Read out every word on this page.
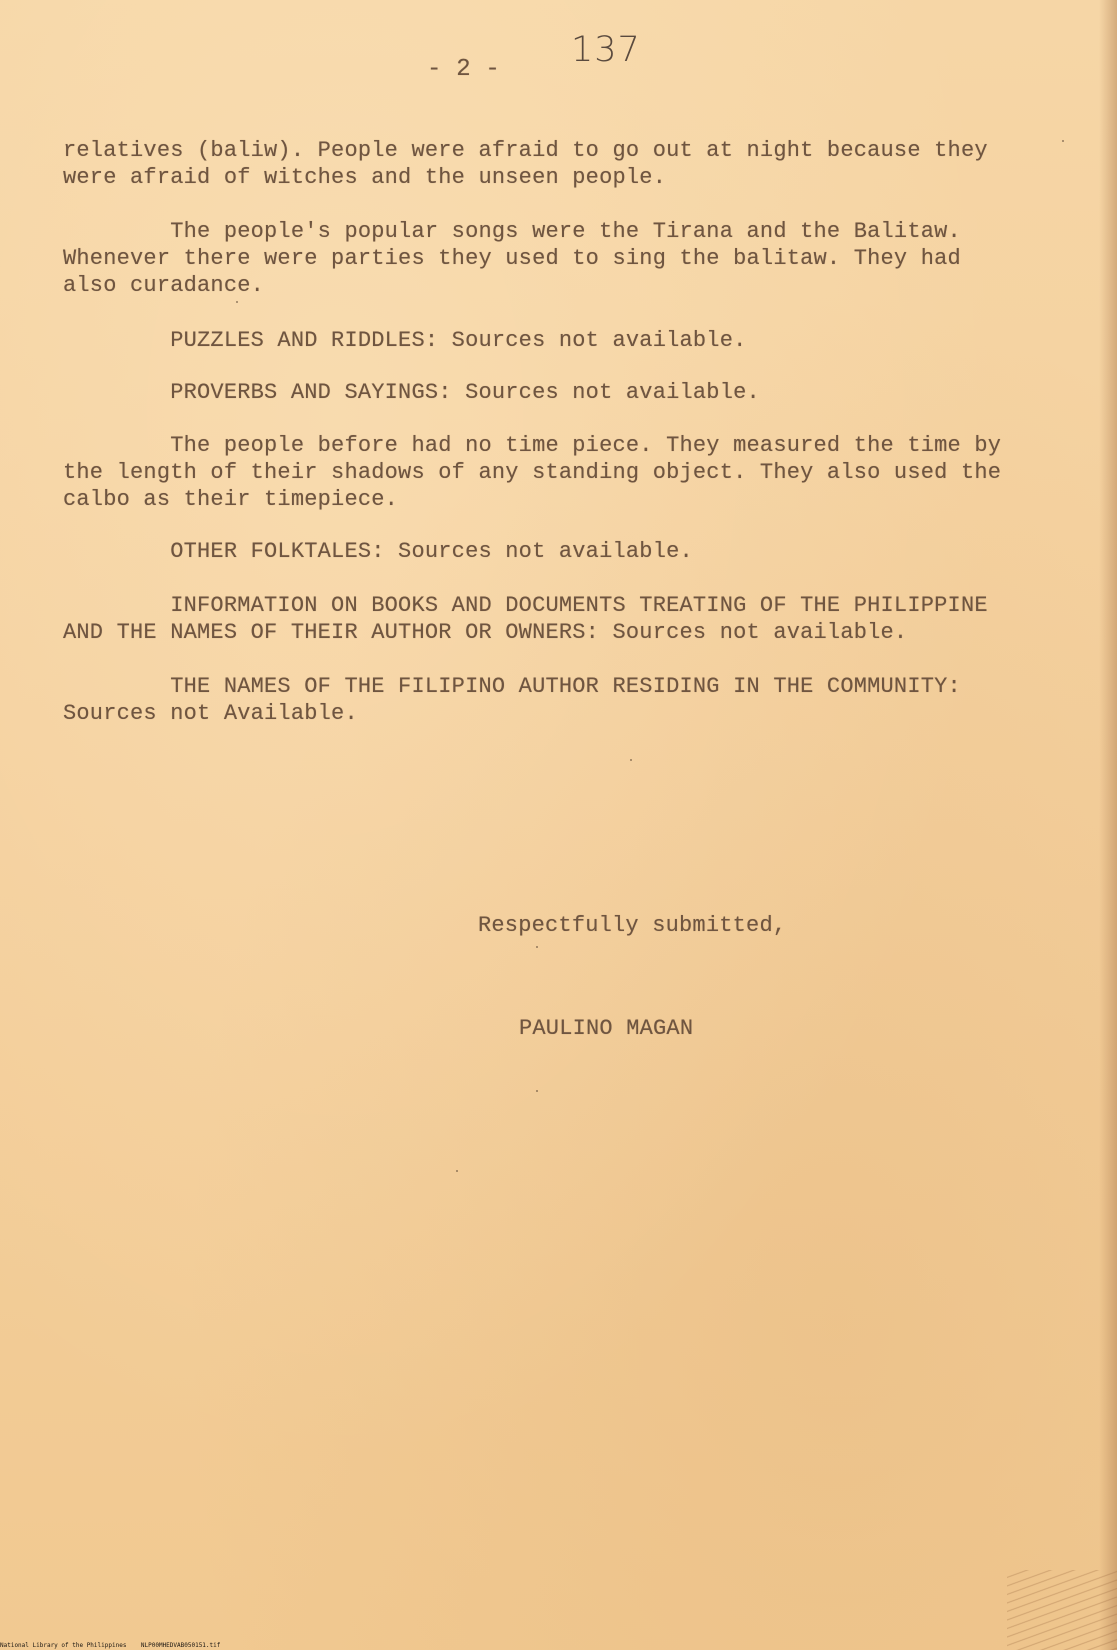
- 2 - 137
relatives (baliw). People were afraid to go out at night because they
were afraid of witches and the unseen people.
The people's popular songs were the Tirana and the Balitaw.
Whenever there were parties they used to sing the balitaw. They had
also curadance.
PUZZLES AND RIDDLES: Sources not available.
PROVERBS AND SAYINGS: Sources not available.
The people before had no time piece. They measured the time by
the length of their shadows of any standing object. They also used the
calbo as their timepiece.
OTHER FOLKTALES: Sources not available.
INFORMATION ON BOOKS AND DOCUMENTS TREATING OF THE PHILIPPINE
AND THE NAMES OF THEIR AUTHOR OR OWNERS: Sources not available.
THE NAMES OF THE FILIPINO AUTHOR RESIDING IN THE COMMUNITY:
Sources not Available.
Respectfully submitted,
PAULINO MAGAN
National Library of the Philippines NLP00MHEDVAB050151.tif
